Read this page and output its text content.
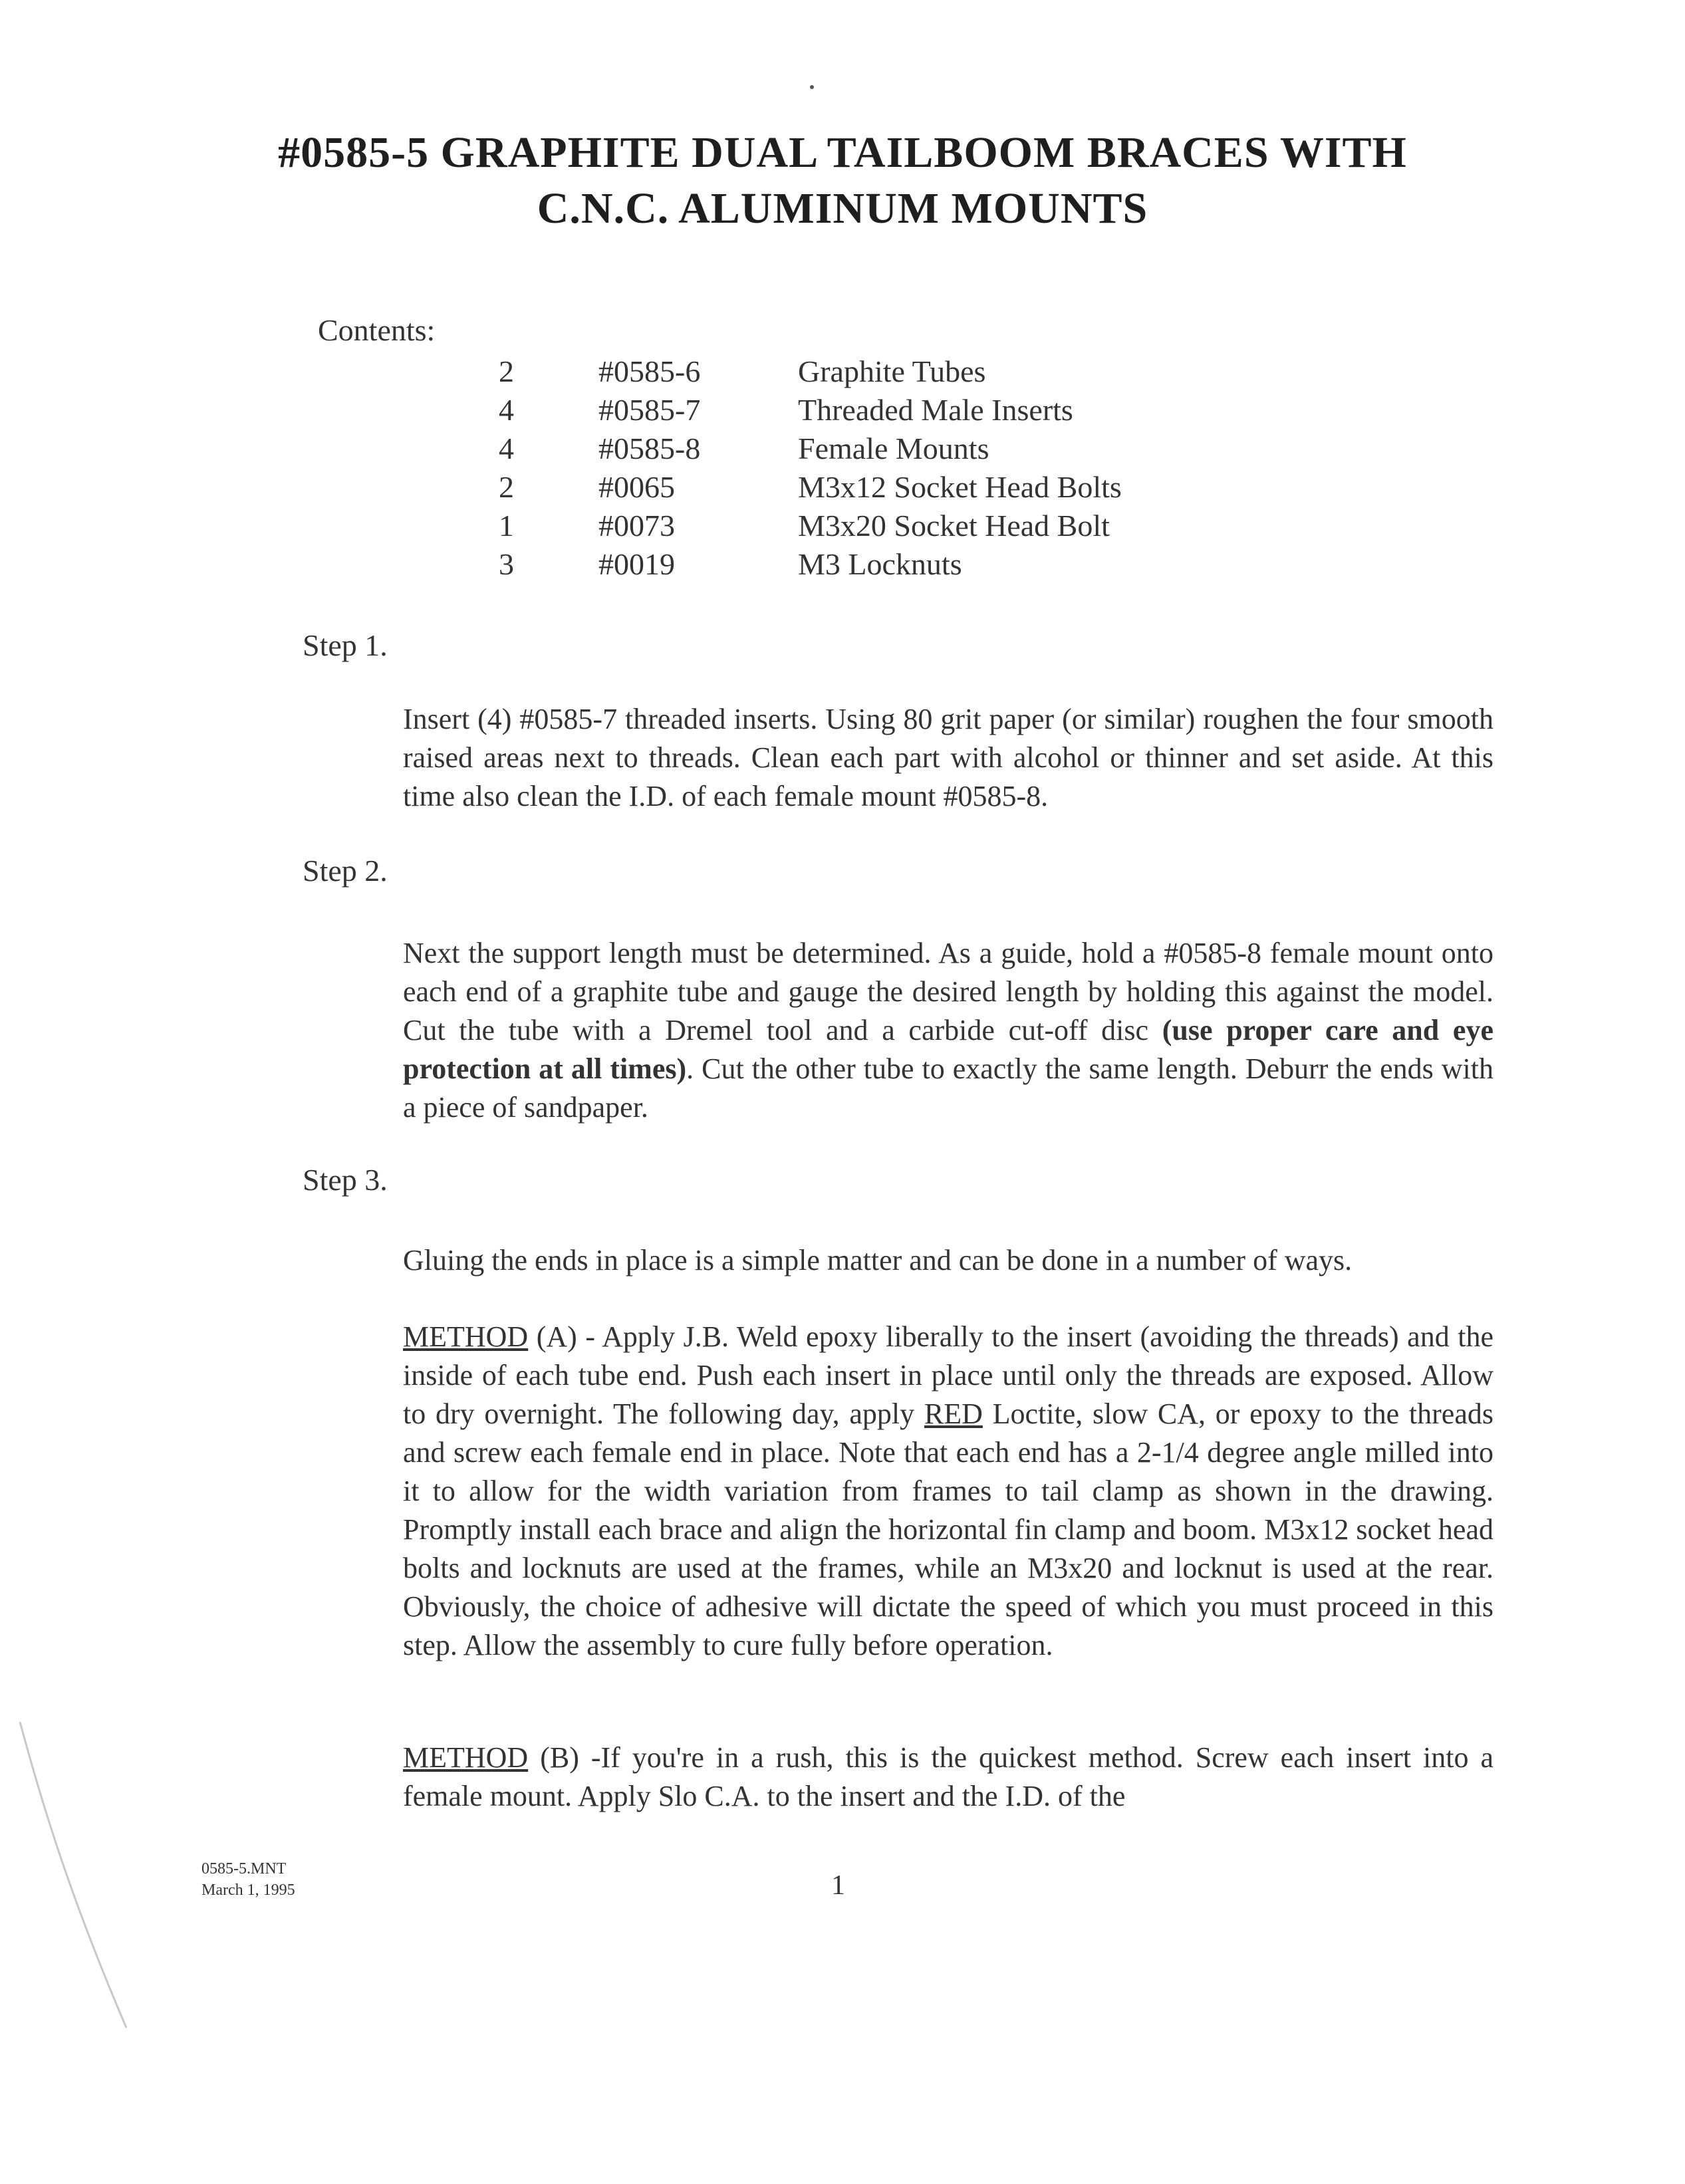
#0585-5 GRAPHITE DUAL TAILBOOM BRACES WITH
C.N.C. ALUMINUM MOUNTS
Contents:
2	#0585-6	Graphite Tubes
4	#0585-7	Threaded Male Inserts
4	#0585-8	Female Mounts
2	#0065	M3x12 Socket Head Bolts
1	#0073	M3x20 Socket Head Bolt
3	#0019	M3 Locknuts
Step 1.

Insert (4) #0585-7 threaded inserts. Using 80 grit paper (or similar) roughen the four smooth raised areas next to threads. Clean each part with alcohol or thinner and set aside. At this time also clean the I.D. of each female mount #0585-8.

Step 2.

Next the support length must be determined. As a guide, hold a #0585-8 female mount onto each end of a graphite tube and gauge the desired length by holding this against the model. Cut the tube with a Dremel tool and a carbide cut-off disc (use proper care and eye protection at all times). Cut the other tube to exactly the same length. Deburr the ends with a piece of sandpaper.

Step 3.

Gluing the ends in place is a simple matter and can be done in a number of ways.

METHOD (A) - Apply J.B. Weld epoxy liberally to the insert (avoiding the threads) and the inside of each tube end. Push each insert in place until only the threads are exposed. Allow to dry overnight. The following day, apply RED Loctite, slow CA, or epoxy to the threads and screw each female end in place. Note that each end has a 2-1/4 degree angle milled into it to allow for the width variation from frames to tail clamp as shown in the drawing. Promptly install each brace and align the horizontal fin clamp and boom. M3x12 socket head bolts and locknuts are used at the frames, while an M3x20 and locknut is used at the rear. Obviously, the choice of adhesive will dictate the speed of which you must proceed in this step. Allow the assembly to cure fully before operation.

METHOD (B) -If you're in a rush, this is the quickest method. Screw each insert into a female mount. Apply Slo C.A. to the insert and the I.D. of the

0585-5.MNT
March 1, 1995	1
